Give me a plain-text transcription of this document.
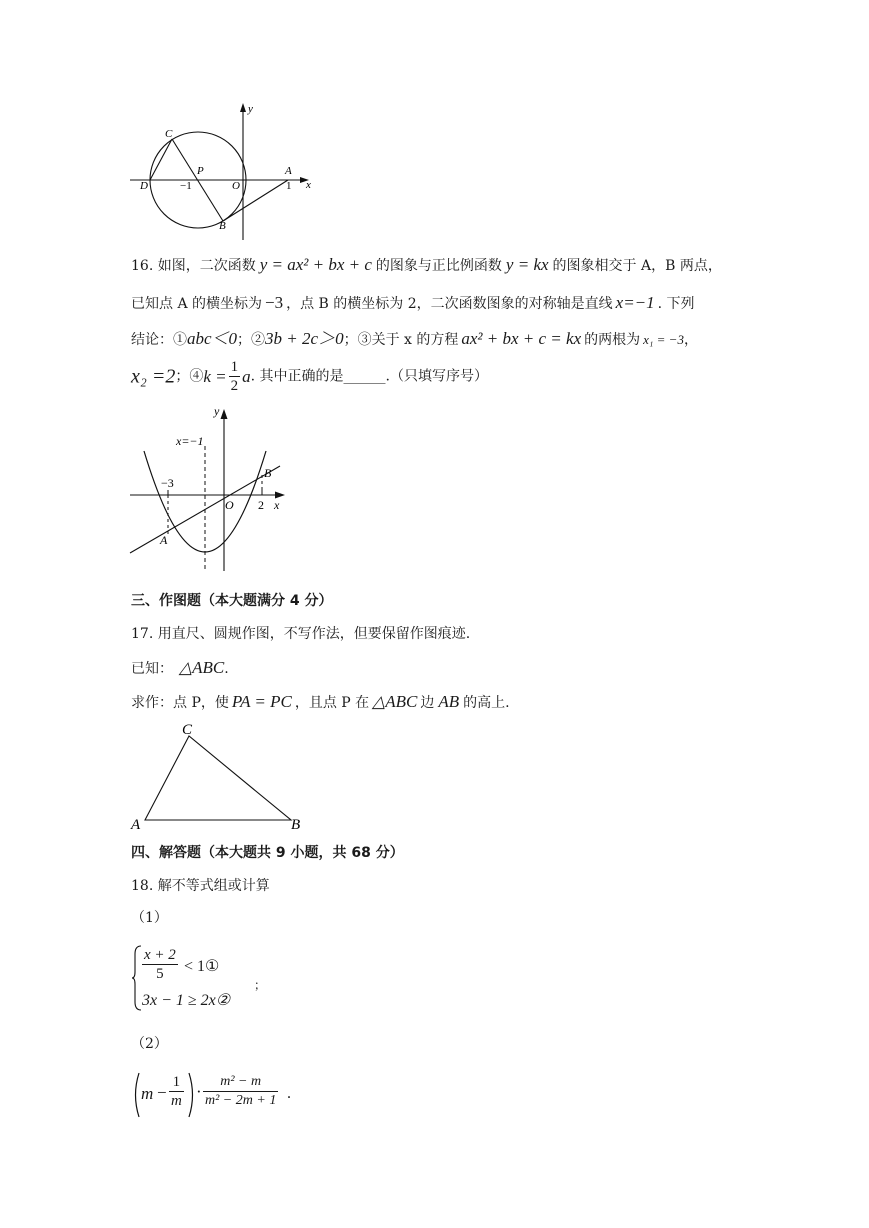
y
C
P
D	−1	O
A
1 x
B
16. 如图，二次函数 y = ax² + bx + c 的图象与正比例函数 y = kx 的图象相交于 A，B 两点，
已知点 A 的横坐标为 −3 ，点 B 的横坐标为 2，二次函数图象的对称轴是直线 x=−1 . 下列
结论：①abc＜0；②3b + 2c＞0；③关于 x 的方程 ax² + bx + c = kx 的两根为 x₁ = −3，
x₂ =2；④k = $\frac{1}{2} a$. 其中正确的是______.（只填写序号）
y
x=−1
−3
B
O 2 x
A
三、作图题（本大题满分 4 分）
17. 用直尺、圆规作图，不写作法，但要保留作图痕迹.
已知： △ABC.
求作：点 P，使 PA = PC ，且点 P 在 △ABC 边 AB 的高上.
A	B
C
四、解答题（本大题共 9 小题，共 68 分）
18. 解不等式组或计算
（1）
$\frac{x + 2}{5}$ < 1①
3x − 1 ≥ 2x②
；
（2）
$m - \frac{1}{m} \cdot \frac{\text{m² − m}}{\text{m² − 2m + 1}}$ .
